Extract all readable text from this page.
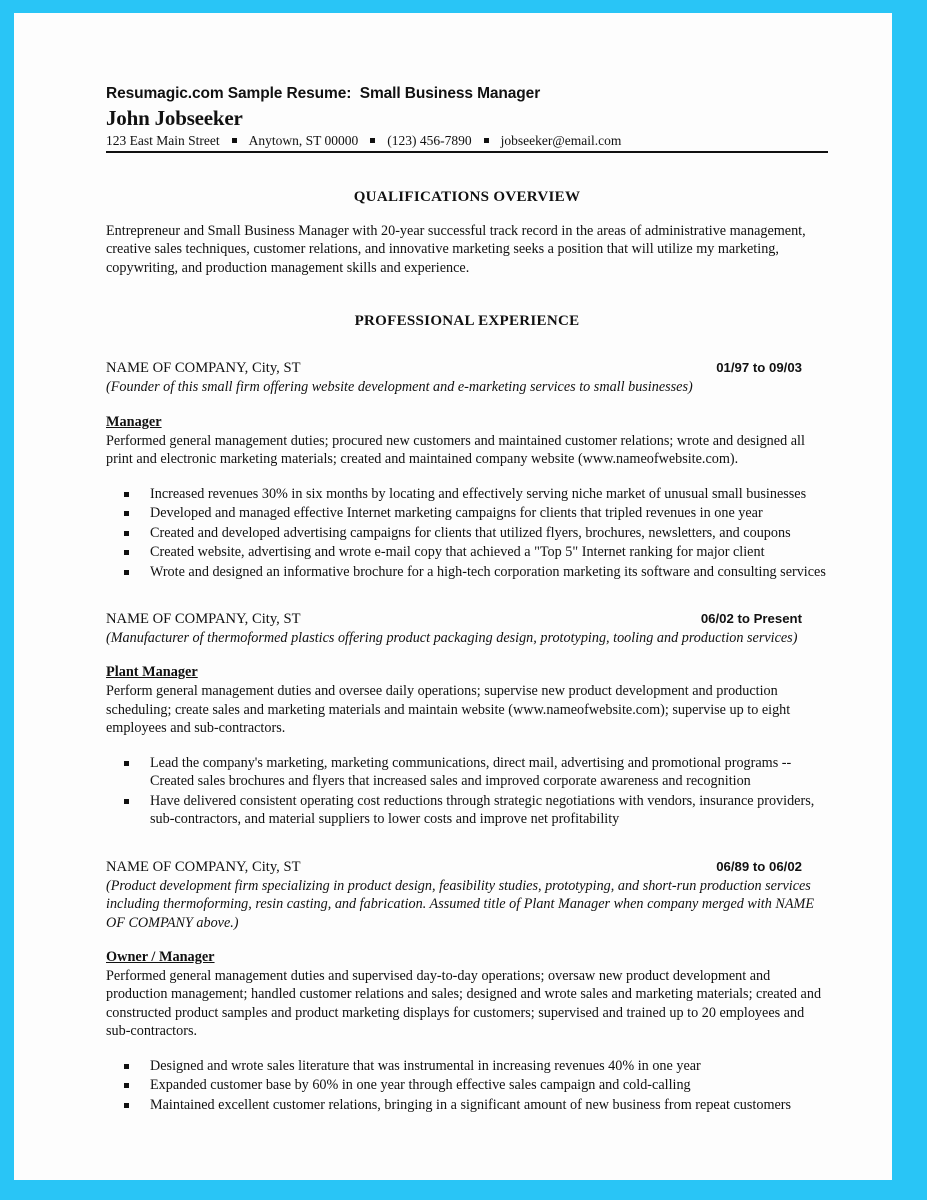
Resumagic.com Sample Resume:  Small Business Manager
John Jobseeker
123 East Main Street Anytown, ST 00000 (123) 456-7890 jobseeker@email.com
QUALIFICATIONS OVERVIEW

Entrepreneur and Small Business Manager with 20-year successful track record in the areas of administrative management, creative sales techniques, customer relations, and innovative marketing seeks a position that will utilize my marketing, copywriting, and production management skills and experience.

PROFESSIONAL EXPERIENCE
NAME OF COMPANY, City, ST	01/97 to 09/03
(Founder of this small firm offering website development and e-marketing services to small businesses)
Manager
Performed general management duties; procured new customers and maintained customer relations; wrote and designed all print and electronic marketing materials; created and maintained company website (www.nameofwebsite.com).
Increased revenues 30% in six months by locating and effectively serving niche market of unusual small businesses
Developed and managed effective Internet marketing campaigns for clients that tripled revenues in one year
Created and developed advertising campaigns for clients that utilized flyers, brochures, newsletters, and coupons
Created website, advertising and wrote e-mail copy that achieved a "Top 5" Internet ranking for major client
Wrote and designed an informative brochure for a high-tech corporation marketing its software and consulting services
NAME OF COMPANY, City, ST	06/02 to Present
(Manufacturer of thermoformed plastics offering product packaging design, prototyping, tooling and production services)
Plant Manager
Perform general management duties and oversee daily operations; supervise new product development and production scheduling; create sales and marketing materials and maintain website (www.nameofwebsite.com); supervise up to eight employees and sub-contractors.
Lead the company's marketing, marketing communications, direct mail, advertising and promotional programs -- Created sales brochures and flyers that increased sales and improved corporate awareness and recognition
Have delivered consistent operating cost reductions through strategic negotiations with vendors, insurance providers, sub-contractors, and material suppliers to lower costs and improve net profitability
NAME OF COMPANY, City, ST	06/89 to 06/02
(Product development firm specializing in product design, feasibility studies, prototyping, and short-run production services including thermoforming, resin casting, and fabrication. Assumed title of Plant Manager when company merged with NAME OF COMPANY above.)
Owner / Manager
Performed general management duties and supervised day-to-day operations; oversaw new product development and production management; handled customer relations and sales; designed and wrote sales and marketing materials; created and constructed product samples and product marketing displays for customers; supervised and trained up to 20 employees and sub-contractors.
Designed and wrote sales literature that was instrumental in increasing revenues 40% in one year
Expanded customer base by 60% in one year through effective sales campaign and cold-calling
Maintained excellent customer relations, bringing in a significant amount of new business from repeat customers
